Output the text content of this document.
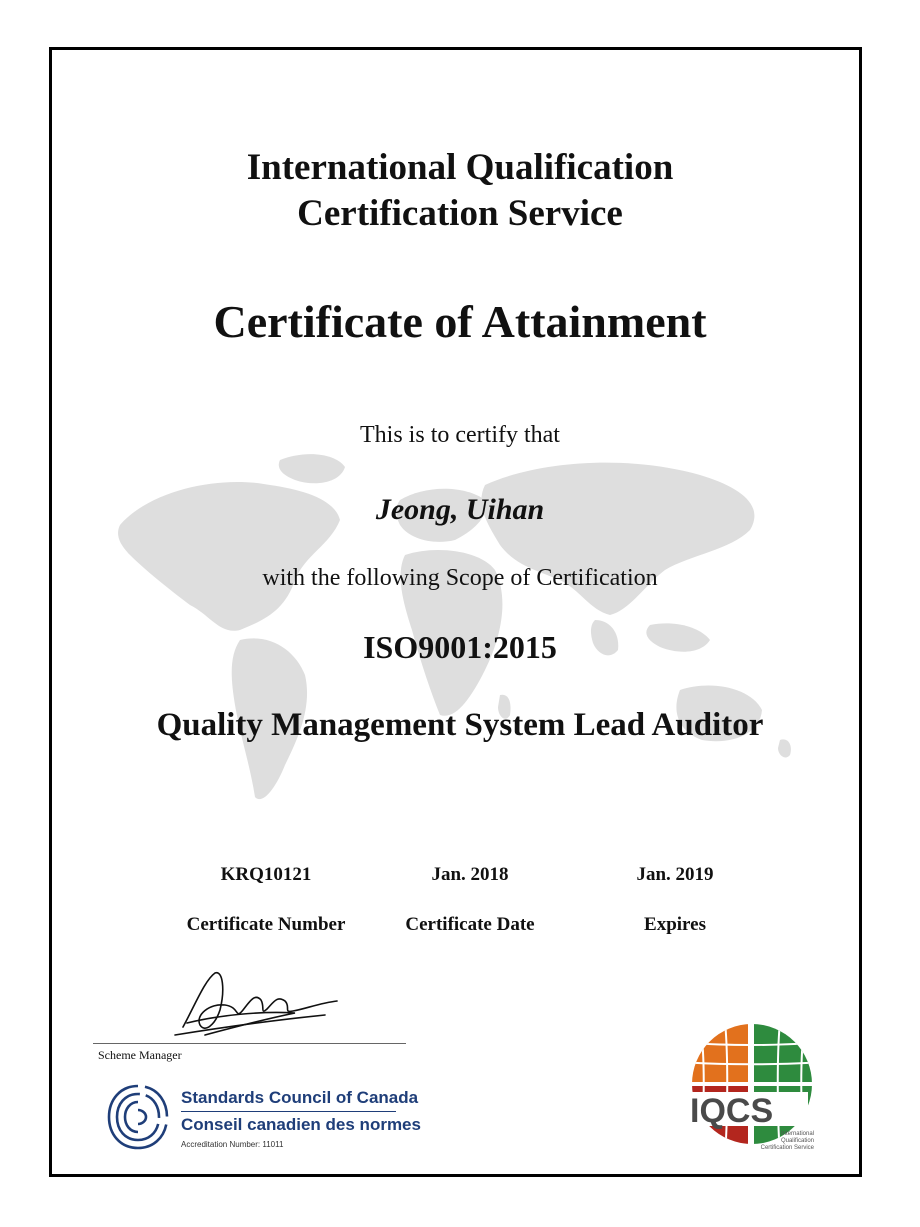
International Qualification
Certification Service
Certificate of Attainment
This is to certify that
Jeong, Uihan
with the following Scope of Certification
ISO9001:2015
Quality Management System Lead Auditor
KRQ10121	Jan. 2018	Jan. 2019
Certificate Number	Certificate Date	Expires
Scheme Manager
Standards Council of Canada
Conseil canadien des normes
Accreditation Number: 11011
IQCS
International Qualification
Certification Service
